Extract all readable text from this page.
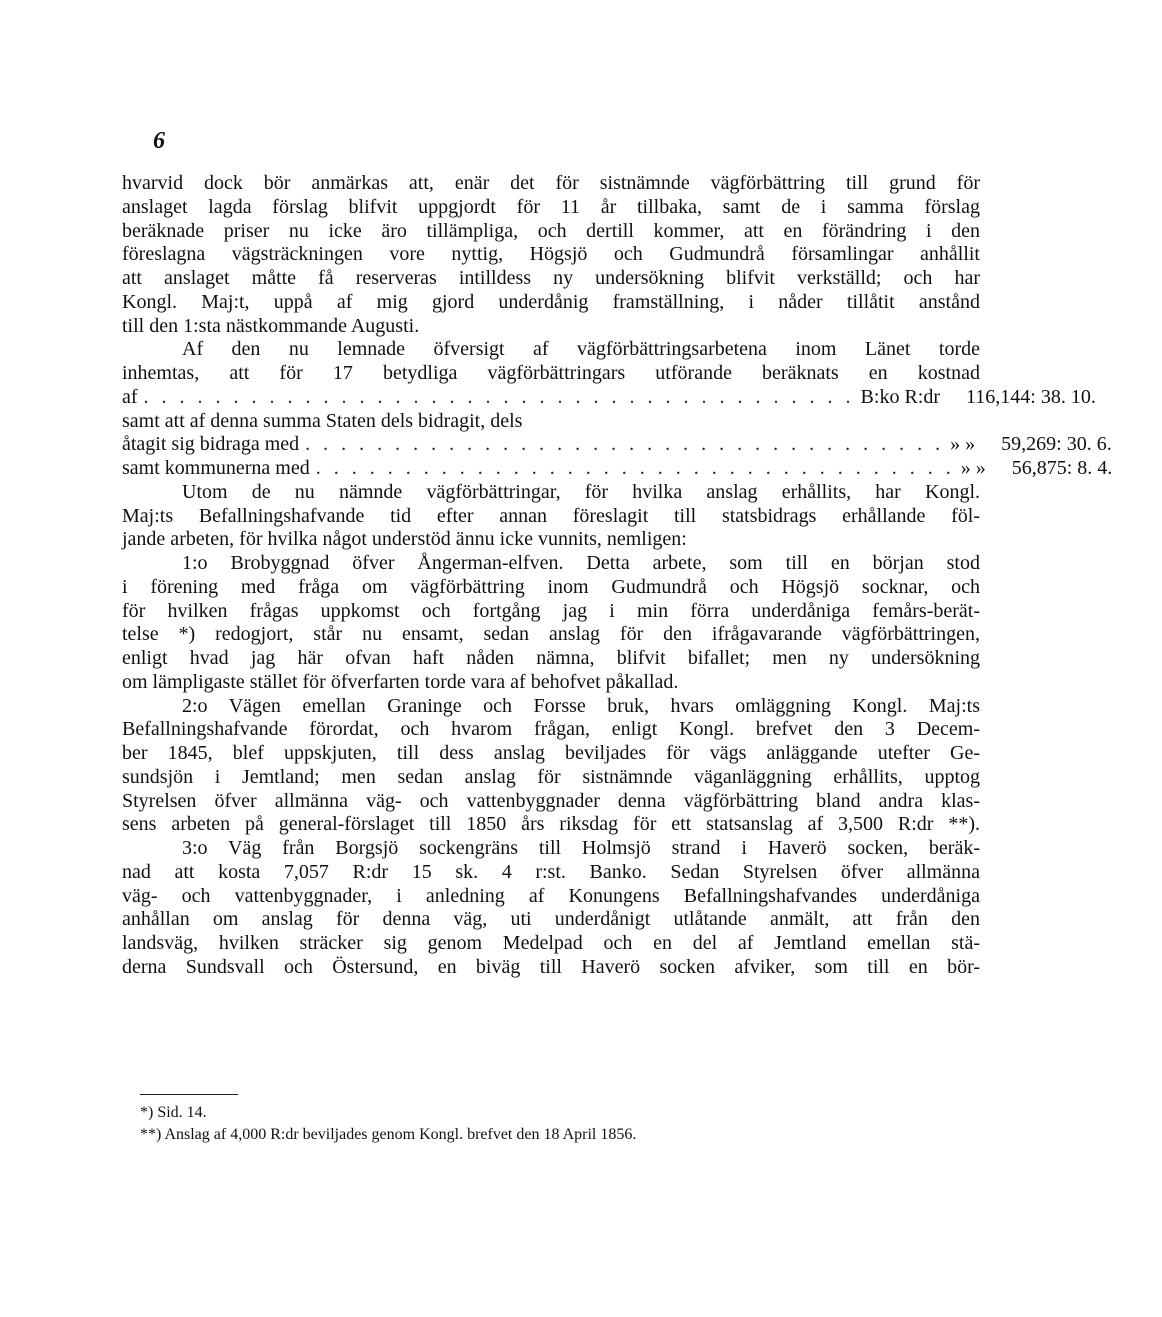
6
hvarvid dock bör anmärkas att, enär det för sistnämnde vägförbättring till grund för
anslaget lagda förslag blifvit uppgjordt för 11 år tillbaka, samt de i samma förslag
beräknade priser nu icke äro tillämpliga, och dertill kommer, att en förändring i den
föreslagna vägsträckningen vore nyttig, Högsjö och Gudmundrå församlingar anhållit
att anslaget måtte få reserveras intilldess ny undersökning blifvit verkställd; och har
Kongl. Maj:t, uppå af mig gjord underdånig framställning, i nåder tillåtit anstånd
till den 1:sta nästkommande Augusti.
Af den nu lemnade öfversigt af vägförbättringsarbetena inom Länet torde
inhemtas, att för 17 betydliga vägförbättringars utförande beräknats en kostnad
af . . . . . . . . . . . . . . . . . . . . . . . . . . . . . . . . . . . . . . . . B:ko R:dr 116,144: 38. 10.
samt att af denna summa Staten dels bidragit, dels
åtagit sig bidraga med . . . . . . . . . . . . . . . . . . . . . . . . . . . . . . . . . . . . » » 59,269: 30. 6.
samt kommunerna med . . . . . . . . . . . . . . . . . . . . . . . . . . . . . . . . . . . . » » 56,875: 8. 4.
Utom de nu nämnde vägförbättringar, för hvilka anslag erhållits, har Kongl.
Maj:ts Befallningshafvande tid efter annan föreslagit till statsbidrags erhållande föl-
jande arbeten, för hvilka något understöd ännu icke vunnits, nemligen:
1:o Brobyggnad öfver Ångerman-elfven. Detta arbete, som till en början stod
i förening med fråga om vägförbättring inom Gudmundrå och Högsjö socknar, och
för hvilken frågas uppkomst och fortgång jag i min förra underdåniga femårs-berät-
telse *) redogjort, står nu ensamt, sedan anslag för den ifrågavarande vägförbättringen,
enligt hvad jag här ofvan haft nåden nämna, blifvit bifallet; men ny undersökning
om lämpligaste stället för öfverfarten torde vara af behofvet påkallad.
2:o Vägen emellan Graninge och Forsse bruk, hvars omläggning Kongl. Maj:ts
Befallningshafvande förordat, och hvarom frågan, enligt Kongl. brefvet den 3 Decem-
ber 1845, blef uppskjuten, till dess anslag beviljades för vägs anläggande utefter Ge-
sundsjön i Jemtland; men sedan anslag för sistnämnde väganläggning erhållits, upptog
Styrelsen öfver allmänna väg- och vattenbyggnader denna vägförbättring bland andra klas-
sens arbeten på general-förslaget till 1850 års riksdag för ett statsanslag af 3,500 R:dr **).
3:o Väg från Borgsjö sockengräns till Holmsjö strand i Haverö socken, beräk-
nad att kosta 7,057 R:dr 15 sk. 4 r:st. Banko. Sedan Styrelsen öfver allmänna
väg- och vattenbyggnader, i anledning af Konungens Befallningshafvandes underdåniga
anhållan om anslag för denna väg, uti underdånigt utlåtande anmält, att från den
landsväg, hvilken sträcker sig genom Medelpad och en del af Jemtland emellan stä-
derna Sundsvall och Östersund, en biväg till Haverö socken afviker, som till en bör-
*) Sid. 14.
**) Anslag af 4,000 R:dr beviljades genom Kongl. brefvet den 18 April 1856.
